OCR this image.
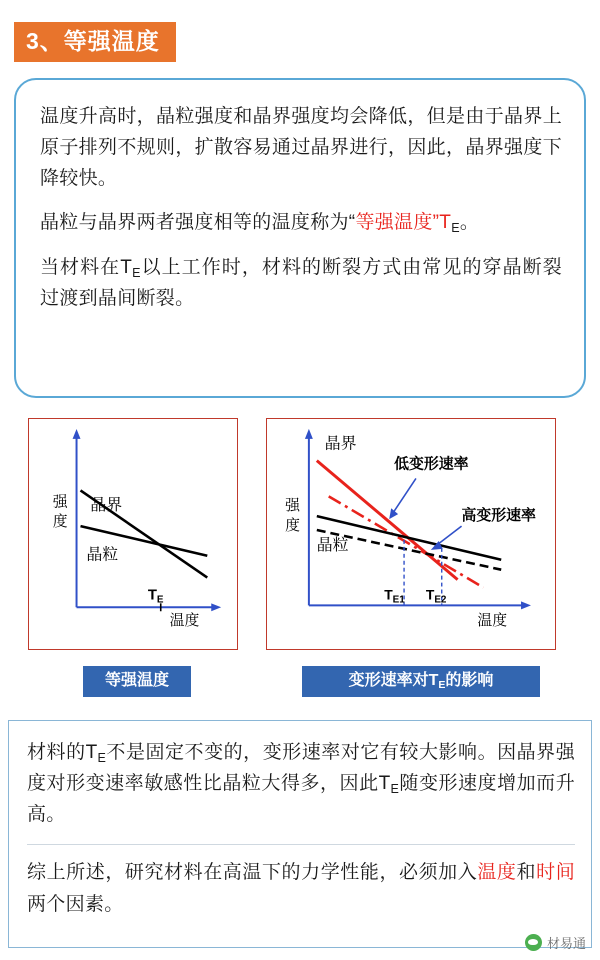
3、等强温度

温度升高时，晶粒强度和晶界强度均会降低，但是由于晶界上原子排列不规则，扩散容易通过晶界进行，因此，晶界强度下降较快。

晶粒与晶界两者强度相等的温度称为“等强温度$”T_E$。

当材料在$T_E$以上工作时，材料的断裂方式由常见的穿晶断裂过渡到晶间断裂。

强
度
晶界
晶粒
$T_E$
温度
强
度
晶界
晶粒
低变形速率
高变形速率
$T_{E1}$ $T_{E2}$
温度
等强温度	变形速率对$T_E$的影响

材料的$T_E$不是固定不变的，变形速率对它有较大影响。因晶界强度对形变速率敏感性比晶粒大得多，因此$T_E$随变形速度增加而升高。

综上所述，研究材料在高温下的力学性能，必须加入温度和时间两个因素。

材易通
